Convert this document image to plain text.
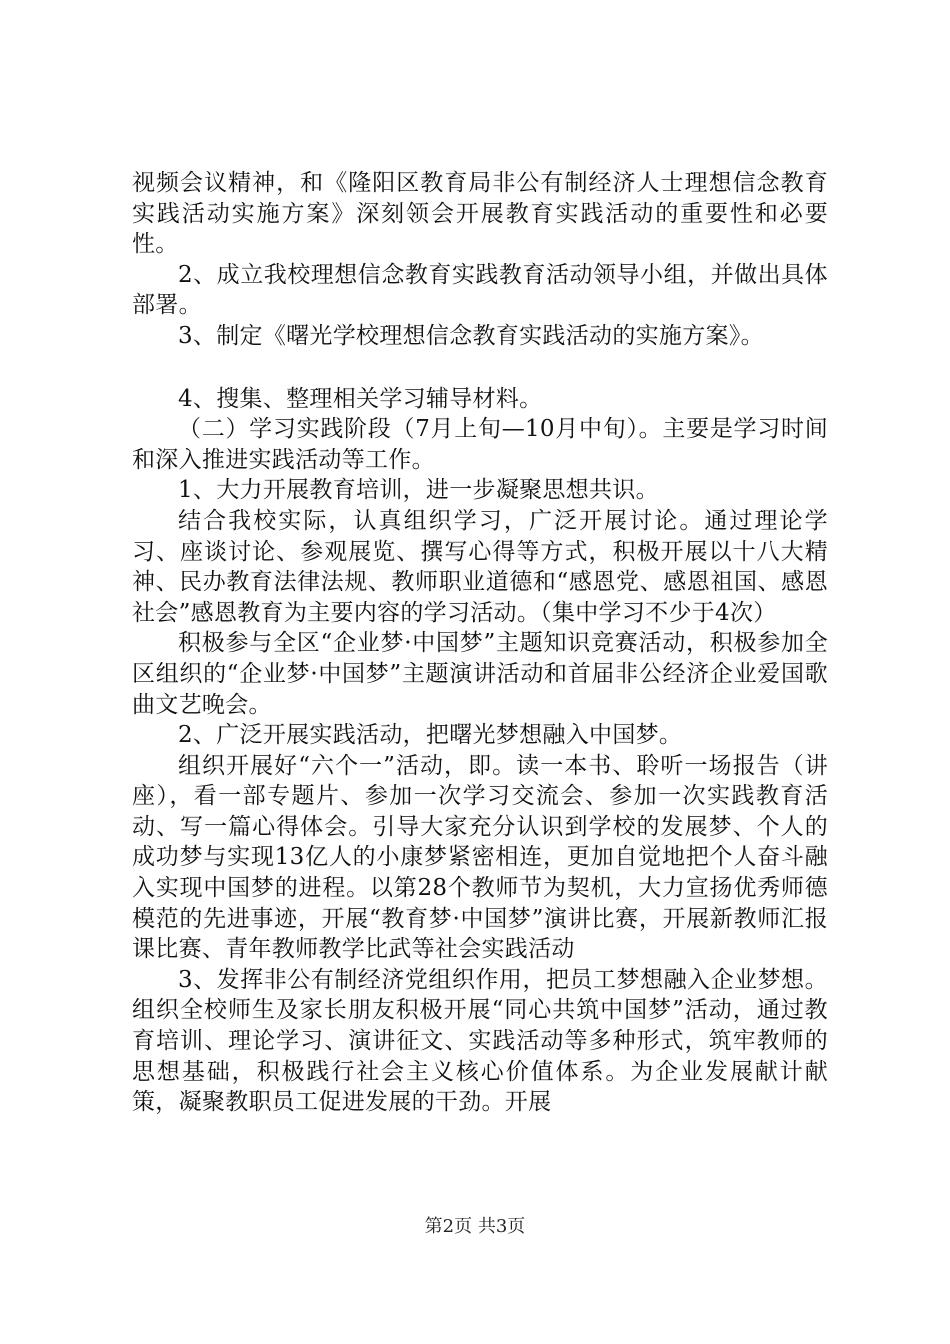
视频会议精神，和《隆阳区教育局非公有制经济人士理想信念教育实践活动实施方案》深刻领会开展教育实践活动的重要性和必要性。

2、成立我校理想信念教育实践教育活动领导小组，并做出具体部署。

3、制定《曙光学校理想信念教育实践活动的实施方案》。

4、搜集、整理相关学习辅导材料。

（二）学习实践阶段（7月上旬—10月中旬）。主要是学习时间和深入推进实践活动等工作。

1、大力开展教育培训，进一步凝聚思想共识。

结合我校实际，认真组织学习，广泛开展讨论。通过理论学习、座谈讨论、参观展览、撰写心得等方式，积极开展以十八大精神、民办教育法律法规、教师职业道德和“感恩党、感恩祖国、感恩社会”感恩教育为主要内容的学习活动。（集中学习不少于4次）

积极参与全区“企业梦·中国梦”主题知识竞赛活动，积极参加全区组织的“企业梦·中国梦”主题演讲活动和首届非公经济企业爱国歌曲文艺晚会。

2、广泛开展实践活动，把曙光梦想融入中国梦。

组织开展好“六个一”活动，即。读一本书、聆听一场报告（讲座），看一部专题片、参加一次学习交流会、参加一次实践教育活动、写一篇心得体会。引导大家充分认识到学校的发展梦、个人的成功梦与实现13亿人的小康梦紧密相连，更加自觉地把个人奋斗融入实现中国梦的进程。以第28个教师节为契机，大力宣扬优秀师德模范的先进事迹，开展“教育梦·中国梦”演讲比赛，开展新教师汇报课比赛、青年教师教学比武等社会实践活动

3、发挥非公有制经济党组织作用，把员工梦想融入企业梦想。组织全校师生及家长朋友积极开展“同心共筑中国梦”活动，通过教育培训、理论学习、演讲征文、实践活动等多种形式，筑牢教师的思想基础，积极践行社会主义核心价值体系。为企业发展献计献策，凝聚教职员工促进发展的干劲。开展

第2页 共3页
